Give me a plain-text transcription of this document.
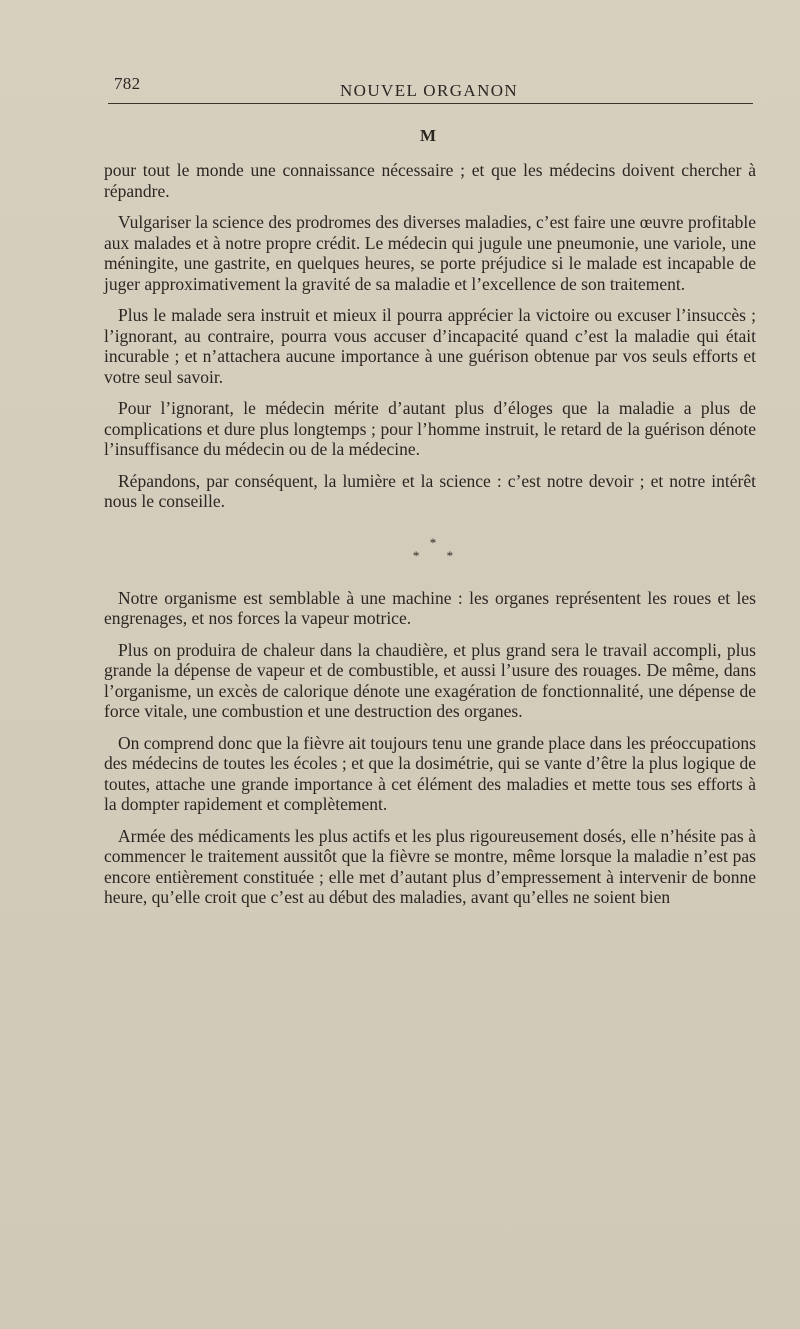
782	NOUVEL ORGANON
M

pour tout le monde une connaissance nécessaire ; et que les médecins doivent chercher à répandre.

Vulgariser la science des prodromes des diverses maladies, c’est faire une œuvre profitable aux malades et à notre propre crédit. Le médecin qui jugule une pneumonie, une variole, une méningite, une gastrite, en quelques heures, se porte préjudice si le malade est incapable de juger approximativement la gravité de sa maladie et l’excellence de son traitement.

Plus le malade sera instruit et mieux il pourra apprécier la victoire ou excuser l’insuccès ; l’ignorant, au contraire, pourra vous accuser d’incapacité quand c’est la maladie qui était incurable ; et n’attachera aucune importance à une guérison obtenue par vos seuls efforts et votre seul savoir.

Pour l’ignorant, le médecin mérite d’autant plus d’éloges que la maladie a plus de complications et dure plus longtemps ; pour l’homme instruit, le retard de la guérison dénote l’insuffisance du médecin ou de la médecine.

Répandons, par conséquent, la lumière et la science : c’est notre devoir ; et notre intérêt nous le conseille.

*
* *

Notre organisme est semblable à une machine : les organes représentent les roues et les engrenages, et nos forces la vapeur motrice.

Plus on produira de chaleur dans la chaudière, et plus grand sera le travail accompli, plus grande la dépense de vapeur et de combustible, et aussi l’usure des rouages. De même, dans l’organisme, un excès de calorique dénote une exagération de fonctionnalité, une dépense de force vitale, une combustion et une destruction des organes.

On comprend donc que la fièvre ait toujours tenu une grande place dans les préoccupations des médecins de toutes les écoles ; et que la dosimétrie, qui se vante d’être la plus logique de toutes, attache une grande importance à cet élément des maladies et mette tous ses efforts à la dompter rapidement et complètement.

Armée des médicaments les plus actifs et les plus rigoureusement dosés, elle n’hésite pas à commencer le traitement aussitôt que la fièvre se montre, même lorsque la maladie n’est pas encore entièrement constituée ; elle met d’autant plus d’empressement à intervenir de bonne heure, qu’elle croit que c’est au début des maladies, avant qu’elles ne soient bien
